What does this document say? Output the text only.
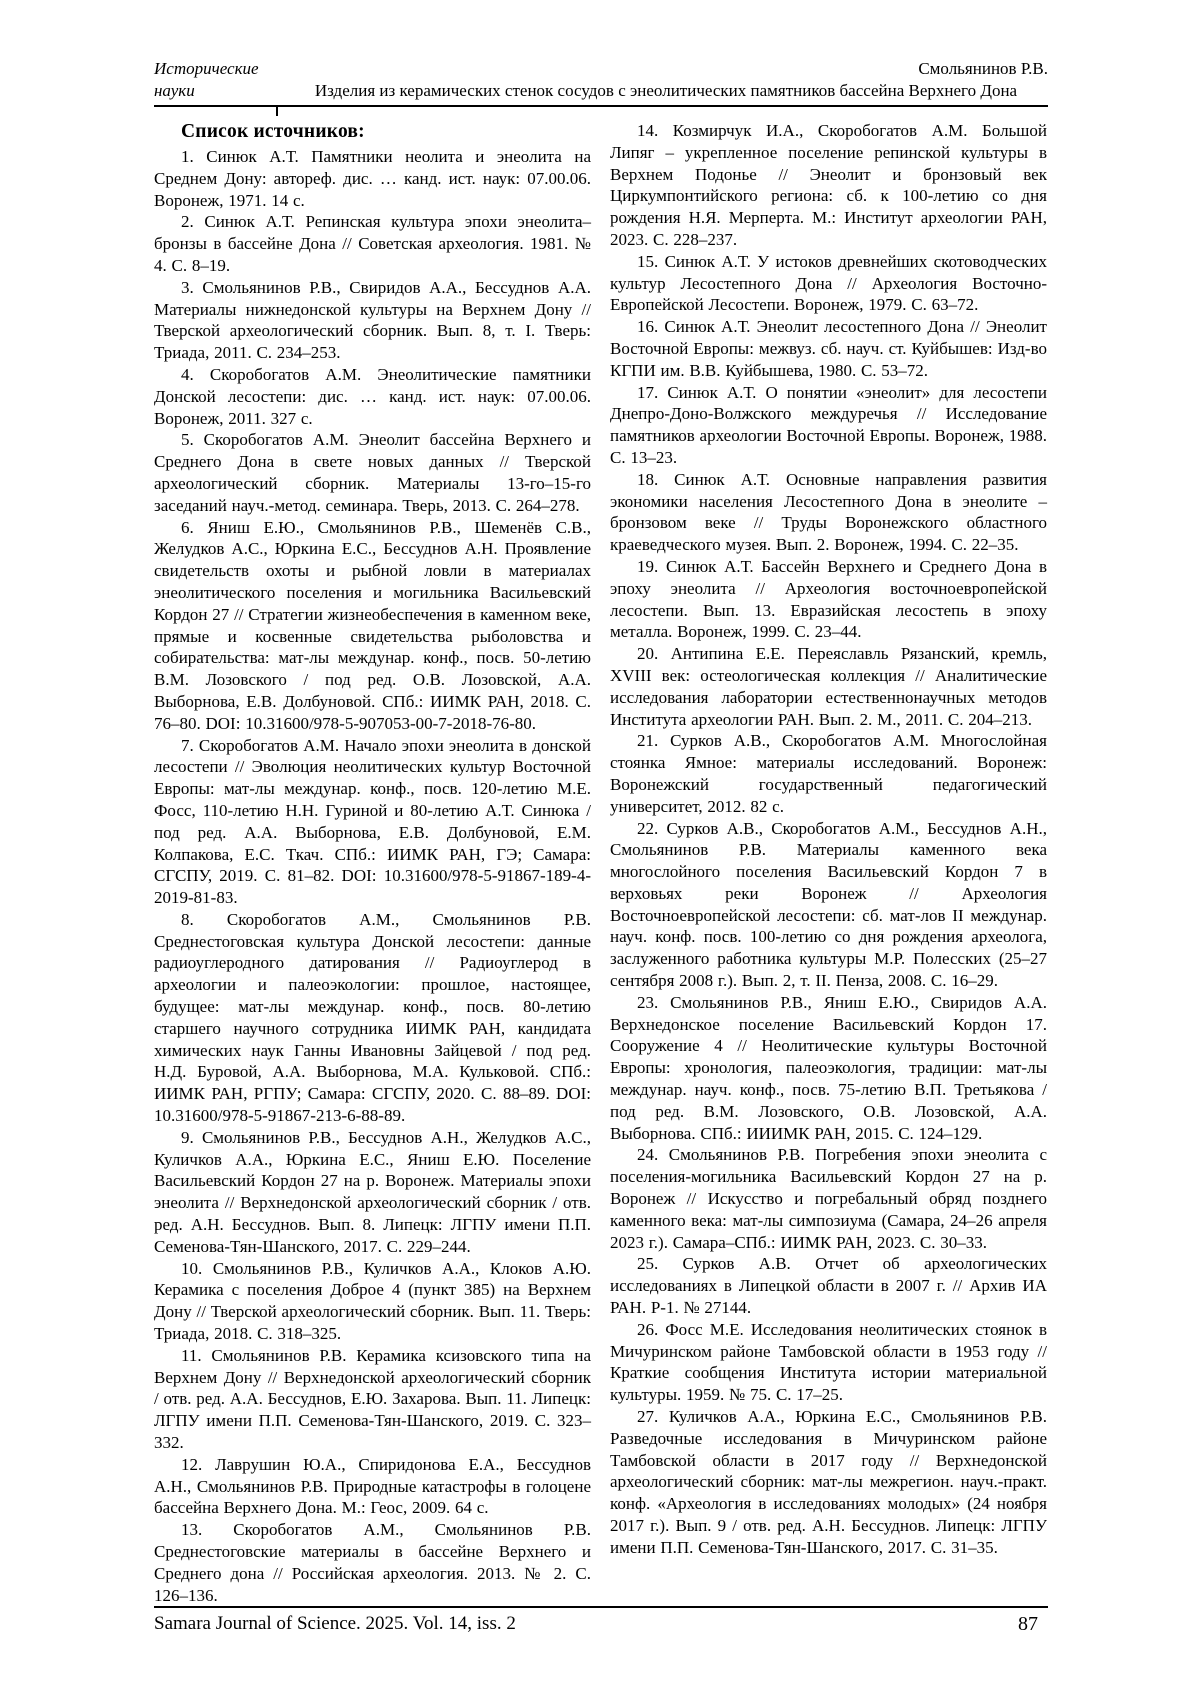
Исторические	Смольянинов Р.В.
науки	Изделия из керамических стенок сосудов с энеолитических памятников бассейна Верхнего Дона

Список источников:

1. Синюк А.Т. Памятники неолита и энеолита на Среднем Дону: автореф. дис. … канд. ист. наук: 07.00.06. Воронеж, 1971. 14 с.

2. Синюк А.Т. Репинская культура эпохи энеолита–бронзы в бассейне Дона // Советская археология. 1981. № 4. С. 8–19.

3. Смольянинов Р.В., Свиридов А.А., Бессуднов А.А. Материалы нижнедонской культуры на Верхнем Дону // Тверской археологический сборник. Вып. 8, т. I. Тверь: Триада, 2011. С. 234–253.

4. Скоробогатов А.М. Энеолитические памятники Донской лесостепи: дис. … канд. ист. наук: 07.00.06. Воронеж, 2011. 327 с.

5. Скоробогатов А.М. Энеолит бассейна Верхнего и Среднего Дона в свете новых данных // Тверской археологический сборник. Материалы 13-го–15-го заседаний науч.-метод. семинара. Тверь, 2013. С. 264–278.

6. Яниш Е.Ю., Смольянинов Р.В., Шеменёв С.В., Желудков А.С., Юркина Е.С., Бессуднов А.Н. Проявление свидетельств охоты и рыбной ловли в материалах энеолитического поселения и могильника Васильевский Кордон 27 // Стратегии жизнеобеспечения в каменном веке, прямые и косвенные свидетельства рыболовства и собирательства: мат-лы междунар. конф., посв. 50-летию В.М. Лозовского / под ред. О.В. Лозовской, А.А. Выборнова, Е.В. Долбуновой. СПб.: ИИМК РАН, 2018. С. 76–80. DOI: 10.31600/978-5-907053-00-7-2018-76-80.

7. Скоробогатов А.М. Начало эпохи энеолита в донской лесостепи // Эволюция неолитических культур Восточной Европы: мат-лы междунар. конф., посв. 120-летию М.Е. Фосс, 110-летию Н.Н. Гуриной и 80-летию А.Т. Синюка / под ред. А.А. Выборнова, Е.В. Долбуновой, Е.М. Колпакова, Е.С. Ткач. СПб.: ИИМК РАН, ГЭ; Самара: СГСПУ, 2019. С. 81–82. DOI: 10.31600/978-5-91867-189-4-2019-81-83.

8. Скоробогатов А.М., Смольянинов Р.В. Среднестоговская культура Донской лесостепи: данные радиоуглеродного датирования // Радиоуглерод в археологии и палеоэкологии: прошлое, настоящее, будущее: мат-лы междунар. конф., посв. 80-летию старшего научного сотрудника ИИМК РАН, кандидата химических наук Ганны Ивановны Зайцевой / под ред. Н.Д. Буровой, А.А. Выборнова, М.А. Кульковой. СПб.: ИИМК РАН, РГПУ; Самара: СГСПУ, 2020. С. 88–89. DOI: 10.31600/978-5-91867-213-6-88-89.

9. Смольянинов Р.В., Бессуднов А.Н., Желудков А.С., Куличков А.А., Юркина Е.С., Яниш Е.Ю. Поселение Васильевский Кордон 27 на р. Воронеж. Материалы эпохи энеолита // Верхнедонской археологический сборник / отв. ред. А.Н. Бессуднов. Вып. 8. Липецк: ЛГПУ имени П.П. Семенова-Тян-Шанского, 2017. С. 229–244.

10. Смольянинов Р.В., Куличков А.А., Клоков А.Ю. Керамика с поселения Доброе 4 (пункт 385) на Верхнем Дону // Тверской археологический сборник. Вып. 11. Тверь: Триада, 2018. С. 318–325.

11. Смольянинов Р.В. Керамика ксизовского типа на Верхнем Дону // Верхнедонской археологический сборник / отв. ред. А.А. Бессуднов, Е.Ю. Захарова. Вып. 11. Липецк: ЛГПУ имени П.П. Семенова-Тян-Шанского, 2019. С. 323–332.

12. Лаврушин Ю.А., Спиридонова Е.А., Бессуднов А.Н., Смольянинов Р.В. Природные катастрофы в голоцене бассейна Верхнего Дона. М.: Геос, 2009. 64 с.

13. Скоробогатов А.М., Смольянинов Р.В. Среднестоговские материалы в бассейне Верхнего и Среднего дона // Российская археология. 2013. № 2. С. 126–136.

14. Козмирчук И.А., Скоробогатов А.М. Большой Липяг – укрепленное поселение репинской культуры в Верхнем Подонье // Энеолит и бронзовый век Циркумпонтийского региона: сб. к 100-летию со дня рождения Н.Я. Мерперта. М.: Институт археологии РАН, 2023. С. 228–237.

15. Синюк А.Т. У истоков древнейших скотоводческих культур Лесостепного Дона // Археология Восточно-Европейской Лесостепи. Воронеж, 1979. С. 63–72.

16. Синюк А.Т. Энеолит лесостепного Дона // Энеолит Восточной Европы: межвуз. сб. науч. ст. Куйбышев: Изд-во КГПИ им. В.В. Куйбышева, 1980. С. 53–72.

17. Синюк А.Т. О понятии «энеолит» для лесостепи Днепро-Доно-Волжского междуречья // Исследование памятников археологии Восточной Европы. Воронеж, 1988. С. 13–23.

18. Синюк А.Т. Основные направления развития экономики населения Лесостепного Дона в энеолите – бронзовом веке // Труды Воронежского областного краеведческого музея. Вып. 2. Воронеж, 1994. С. 22–35.

19. Синюк А.Т. Бассейн Верхнего и Среднего Дона в эпоху энеолита // Археология восточноевропейской лесостепи. Вып. 13. Евразийская лесостепь в эпоху металла. Воронеж, 1999. С. 23–44.

20. Антипина Е.Е. Переяславль Рязанский, кремль, XVIII век: остеологическая коллекция // Аналитические исследования лаборатории естественнонаучных методов Института археологии РАН. Вып. 2. М., 2011. С. 204–213.

21. Сурков А.В., Скоробогатов А.М. Многослойная стоянка Ямное: материалы исследований. Воронеж: Воронежский государственный педагогический университет, 2012. 82 с.

22. Сурков А.В., Скоробогатов А.М., Бессуднов А.Н., Смольянинов Р.В. Материалы каменного века многослойного поселения Васильевский Кордон 7 в верховьях реки Воронеж // Археология Восточноевропейской лесостепи: сб. мат-лов II междунар. науч. конф. посв. 100-летию со дня рождения археолога, заслуженного работника культуры М.Р. Полесских (25–27 сентября 2008 г.). Вып. 2, т. II. Пенза, 2008. С. 16–29.

23. Смольянинов Р.В., Яниш Е.Ю., Свиридов А.А. Верхнедонское поселение Васильевский Кордон 17. Сооружение 4 // Неолитические культуры Восточной Европы: хронология, палеоэкология, традиции: мат-лы междунар. науч. конф., посв. 75-летию В.П. Третьякова / под ред. В.М. Лозовского, О.В. Лозовской, А.А. Выборнова. СПб.: ИИИМК РАН, 2015. С. 124–129.

24. Смольянинов Р.В. Погребения эпохи энеолита с поселения-могильника Васильевский Кордон 27 на р. Воронеж // Искусство и погребальный обряд позднего каменного века: мат-лы симпозиума (Самара, 24–26 апреля 2023 г.). Самара–СПб.: ИИМК РАН, 2023. С. 30–33.

25. Сурков А.В. Отчет об археологических исследованиях в Липецкой области в 2007 г. // Архив ИА РАН. Р-1. № 27144.

26. Фосс М.Е. Исследования неолитических стоянок в Мичуринском районе Тамбовской области в 1953 году // Краткие сообщения Института истории материальной культуры. 1959. № 75. С. 17–25.

27. Куличков А.А., Юркина Е.С., Смольянинов Р.В. Разведочные исследования в Мичуринском районе Тамбовской области в 2017 году // Верхнедонской археологический сборник: мат-лы межрегион. науч.-практ. конф. «Археология в исследованиях молодых» (24 ноября 2017 г.). Вып. 9 / отв. ред. А.Н. Бессуднов. Липецк: ЛГПУ имени П.П. Семенова-Тян-Шанского, 2017. С. 31–35.

Samara Journal of Science. 2025. Vol. 14, iss. 2	87
